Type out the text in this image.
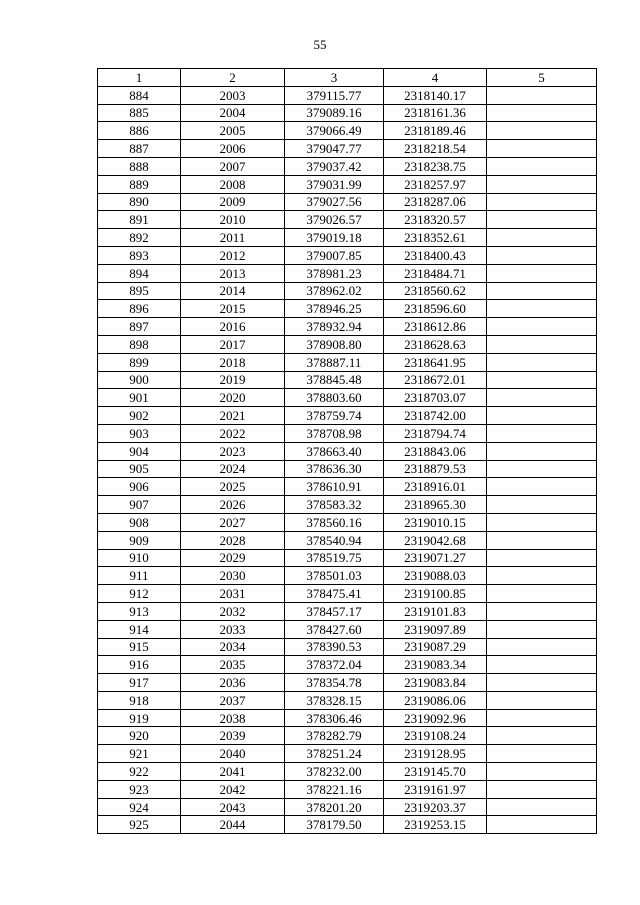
55
1	2	3	4	5
884	2003	379115.77	2318140.17	
885	2004	379089.16	2318161.36	
886	2005	379066.49	2318189.46	
887	2006	379047.77	2318218.54	
888	2007	379037.42	2318238.75	
889	2008	379031.99	2318257.97	
890	2009	379027.56	2318287.06	
891	2010	379026.57	2318320.57	
892	2011	379019.18	2318352.61	
893	2012	379007.85	2318400.43	
894	2013	378981.23	2318484.71	
895	2014	378962.02	2318560.62	
896	2015	378946.25	2318596.60	
897	2016	378932.94	2318612.86	
898	2017	378908.80	2318628.63	
899	2018	378887.11	2318641.95	
900	2019	378845.48	2318672.01	
901	2020	378803.60	2318703.07	
902	2021	378759.74	2318742.00	
903	2022	378708.98	2318794.74	
904	2023	378663.40	2318843.06	
905	2024	378636.30	2318879.53	
906	2025	378610.91	2318916.01	
907	2026	378583.32	2318965.30	
908	2027	378560.16	2319010.15	
909	2028	378540.94	2319042.68	
910	2029	378519.75	2319071.27	
911	2030	378501.03	2319088.03	
912	2031	378475.41	2319100.85	
913	2032	378457.17	2319101.83	
914	2033	378427.60	2319097.89	
915	2034	378390.53	2319087.29	
916	2035	378372.04	2319083.34	
917	2036	378354.78	2319083.84	
918	2037	378328.15	2319086.06	
919	2038	378306.46	2319092.96	
920	2039	378282.79	2319108.24	
921	2040	378251.24	2319128.95	
922	2041	378232.00	2319145.70	
923	2042	378221.16	2319161.97	
924	2043	378201.20	2319203.37	
925	2044	378179.50	2319253.15	
